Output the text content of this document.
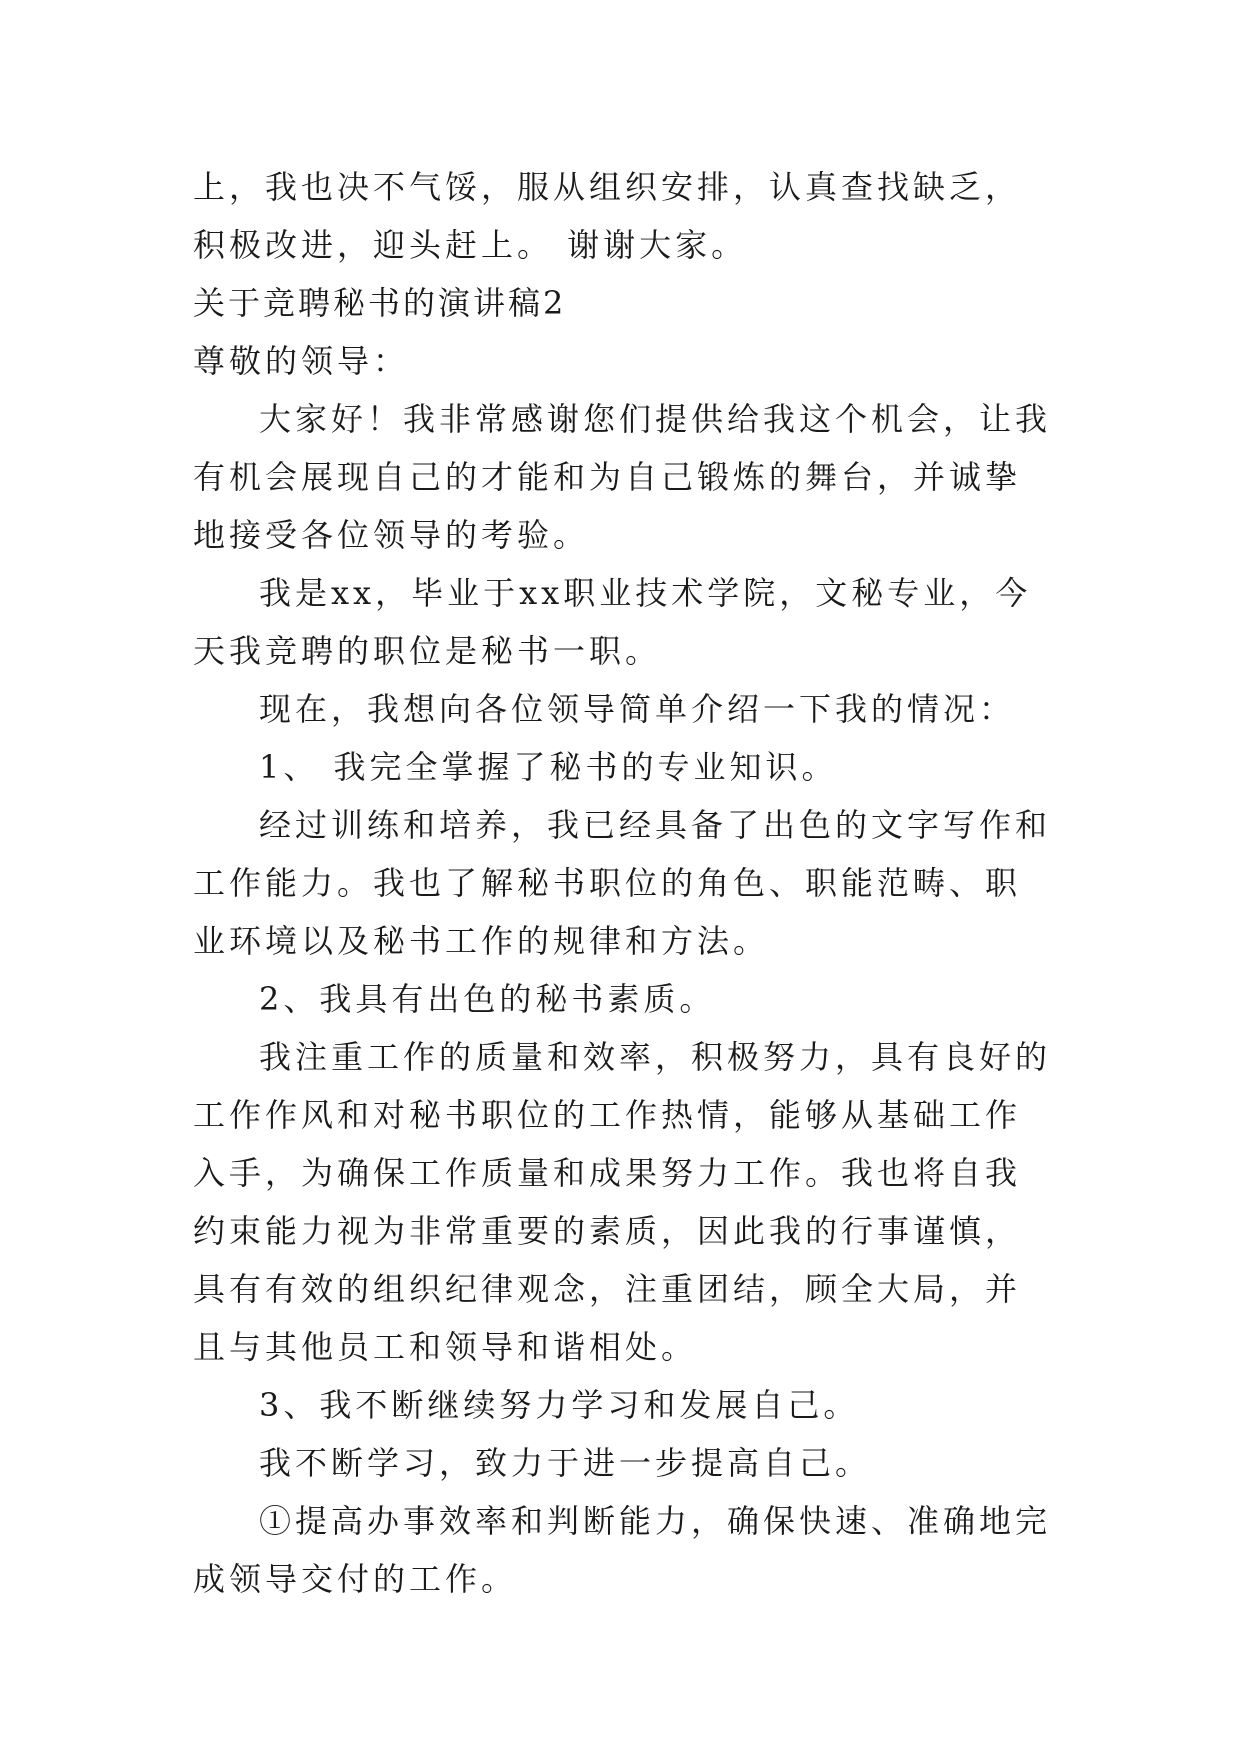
上，我也决不气馁，服从组织安排，认真查找缺乏，积极改进，迎头赶上。 谢谢大家。

关于竞聘秘书的演讲稿2

尊敬的领导：

大家好！我非常感谢您们提供给我这个机会，让我有机会展现自己的才能和为自己锻炼的舞台，并诚挚地接受各位领导的考验。

我是xx，毕业于xx职业技术学院，文秘专业，今天我竞聘的职位是秘书一职。

现在，我想向各位领导简单介绍一下我的情况：

1、 我完全掌握了秘书的专业知识。

经过训练和培养，我已经具备了出色的文字写作和工作能力。我也了解秘书职位的角色、职能范畴、职业环境以及秘书工作的规律和方法。

2、我具有出色的秘书素质。

我注重工作的质量和效率，积极努力，具有良好的工作作风和对秘书职位的工作热情，能够从基础工作入手，为确保工作质量和成果努力工作。我也将自我约束能力视为非常重要的素质，因此我的行事谨慎，具有有效的组织纪律观念，注重团结，顾全大局，并且与其他员工和领导和谐相处。

3、我不断继续努力学习和发展自己。

我不断学习，致力于进一步提高自己。

①提高办事效率和判断能力，确保快速、准确地完成领导交付的工作。
